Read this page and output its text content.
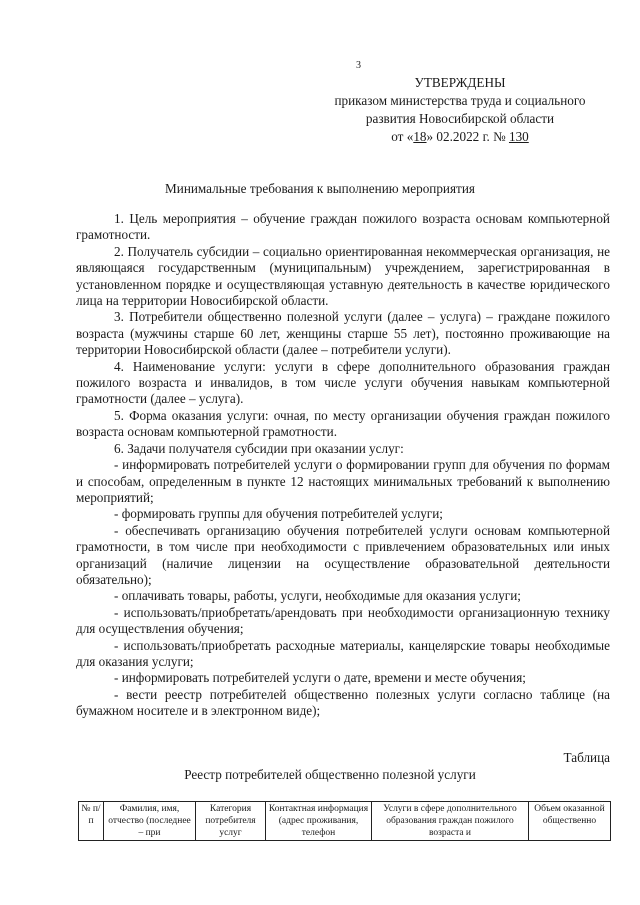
3
УТВЕРЖДЕНЫ
приказом министерства труда и социального
развития Новосибирской области
от «18» 02.2022 г. № 130
Минимальные требования к выполнению мероприятия

1. Цель мероприятия – обучение граждан пожилого возраста основам компьютерной грамотности.

2. Получатель субсидии – социально ориентированная некоммерческая организация, не являющаяся государственным (муниципальным) учреждением, зарегистрированная в установленном порядке и осуществляющая уставную деятельность в качестве юридического лица на территории Новосибирской области.

3. Потребители общественно полезной услуги (далее – услуга) – граждане пожилого возраста (мужчины старше 60 лет, женщины старше 55 лет), постоянно проживающие на территории Новосибирской области (далее – потребители услуги).

4. Наименование услуги: услуги в сфере дополнительного образования граждан пожилого возраста и инвалидов, в том числе услуги обучения навыкам компьютерной грамотности (далее – услуга).

5. Форма оказания услуги: очная, по месту организации обучения граждан пожилого возраста основам компьютерной грамотности.

6. Задачи получателя субсидии при оказании услуг:

- информировать потребителей услуги о формировании групп для обучения по формам и способам, определенным в пункте 12 настоящих минимальных требований к выполнению мероприятий;

- формировать группы для обучения потребителей услуги;

- обеспечивать организацию обучения потребителей услуги основам компьютерной грамотности, в том числе при необходимости с привлечением образовательных или иных организаций (наличие лицензии на осуществление образовательной деятельности обязательно);

- оплачивать товары, работы, услуги, необходимые для оказания услуги;

- использовать/приобретать/арендовать при необходимости организационную технику для осуществления обучения;

- использовать/приобретать расходные материалы, канцелярские товары необходимые для оказания услуги;

- информировать потребителей услуги о дате, времени и месте обучения;

- вести реестр потребителей общественно полезных услуги согласно таблице (на бумажном носителе и в электронном виде);

Таблица
Реестр потребителей общественно полезной услуги
№ п/п	Фамилия, имя, отчество (последнее – при	Категория потребителя услуг	Контактная информация (адрес проживания, телефон	Услуги в сфере дополнительного образования граждан пожилого возраста и	Объем оказанной общественно
